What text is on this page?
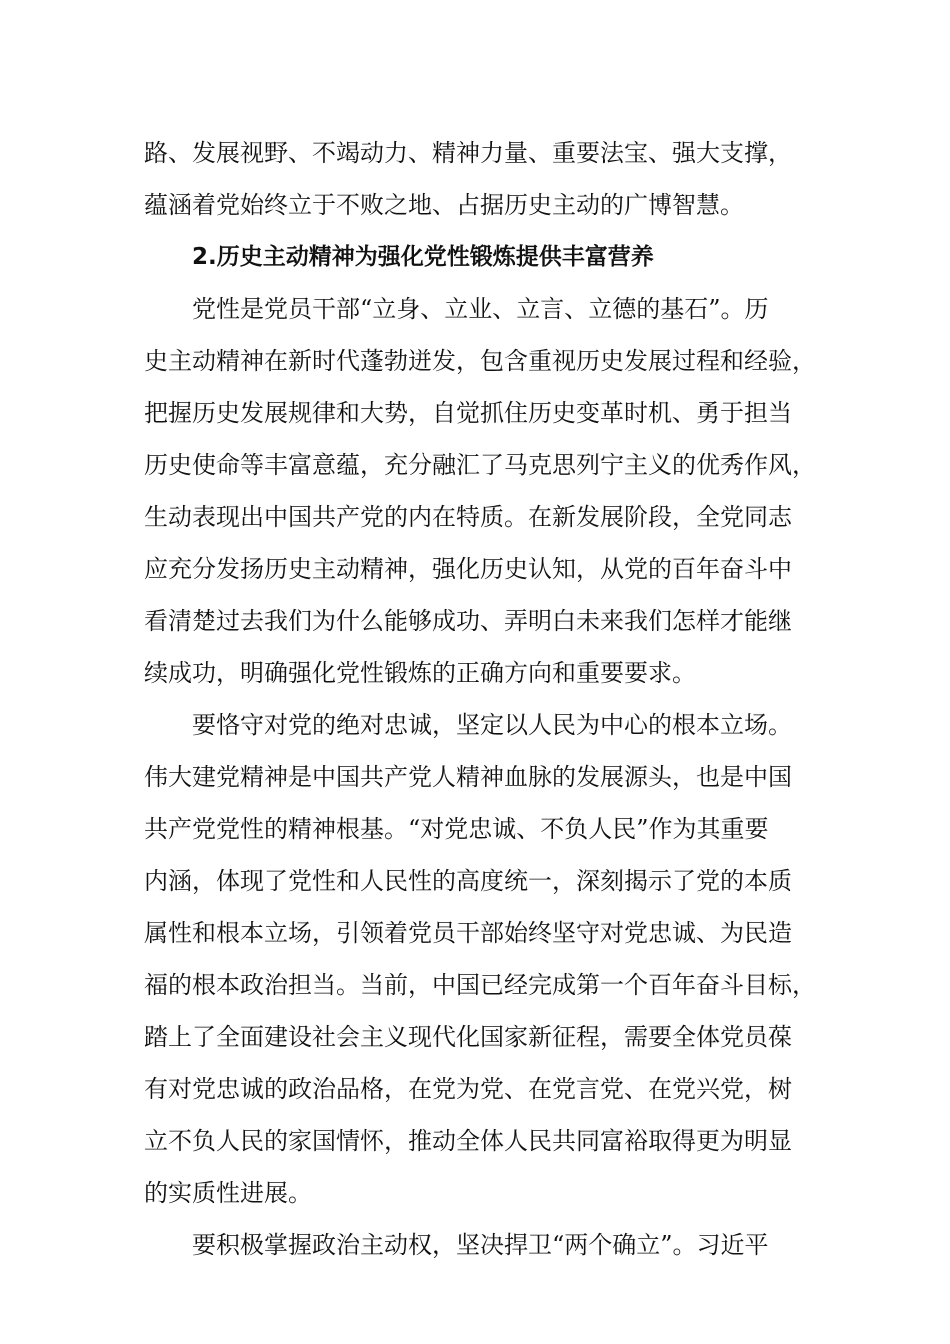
路、发展视野、不竭动力、精神力量、重要法宝、强大支撑，
蕴涵着党始终立于不败之地、占据历史主动的广博智慧。
2.历史主动精神为强化党性锻炼提供丰富营养
党性是党员干部“立身、立业、立言、立德的基石”。历
史主动精神在新时代蓬勃迸发，包含重视历史发展过程和经验，
把握历史发展规律和大势，自觉抓住历史变革时机、勇于担当
历史使命等丰富意蕴，充分融汇了马克思列宁主义的优秀作风，
生动表现出中国共产党的内在特质。在新发展阶段，全党同志
应充分发扬历史主动精神，强化历史认知，从党的百年奋斗中
看清楚过去我们为什么能够成功、弄明白未来我们怎样才能继
续成功，明确强化党性锻炼的正确方向和重要要求。
要恪守对党的绝对忠诚，坚定以人民为中心的根本立场。
伟大建党精神是中国共产党人精神血脉的发展源头，也是中国
共产党党性的精神根基。“对党忠诚、不负人民”作为其重要
内涵，体现了党性和人民性的高度统一，深刻揭示了党的本质
属性和根本立场，引领着党员干部始终坚守对党忠诚、为民造
福的根本政治担当。当前，中国已经完成第一个百年奋斗目标，
踏上了全面建设社会主义现代化国家新征程，需要全体党员葆
有对党忠诚的政治品格，在党为党、在党言党、在党兴党，树
立不负人民的家国情怀，推动全体人民共同富裕取得更为明显
的实质性进展。
要积极掌握政治主动权，坚决捍卫“两个确立”。习近平
